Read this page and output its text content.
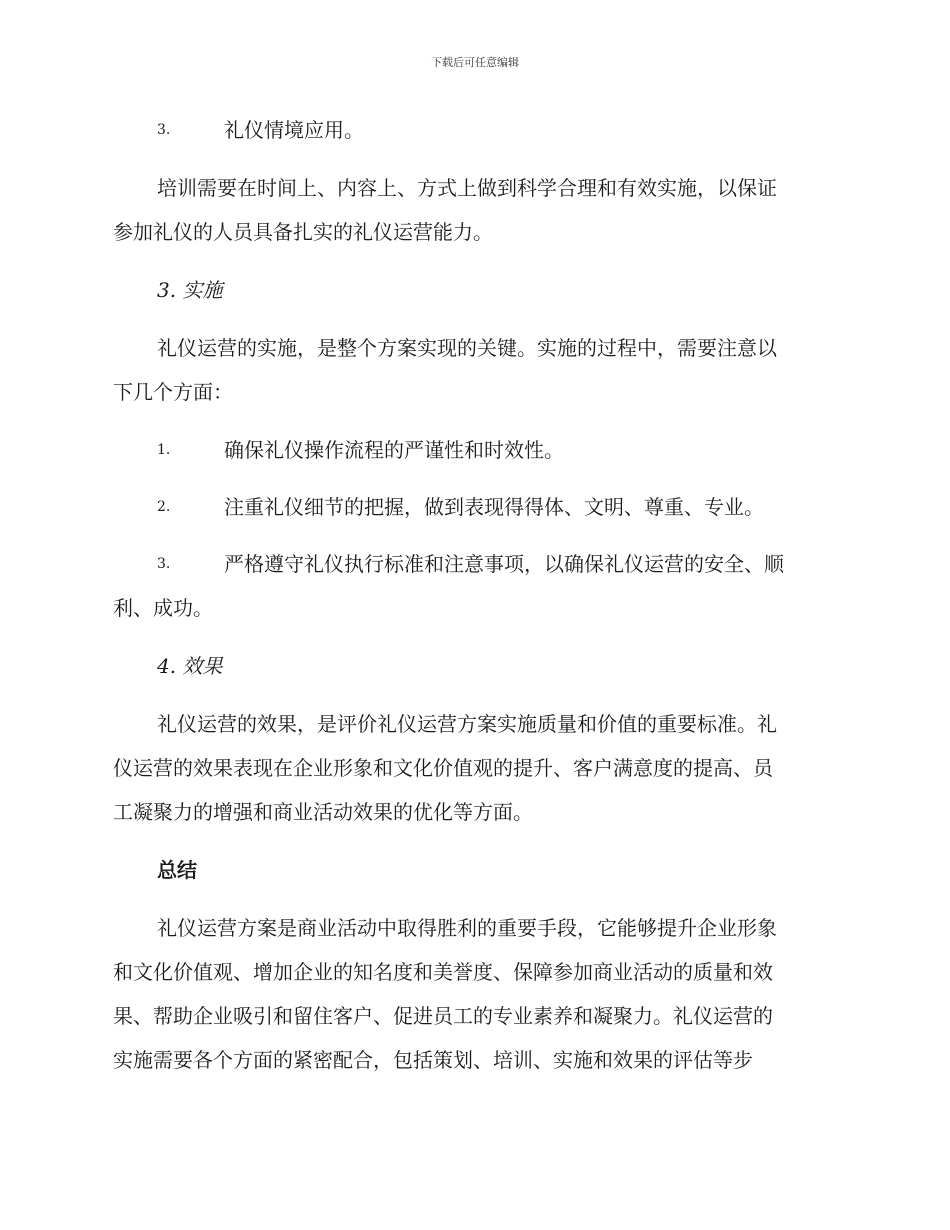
下载后可任意编辑
3.	礼仪情境应用。
培训需要在时间上、内容上、方式上做到科学合理和有效实施，以保证
参加礼仪的人员具备扎实的礼仪运营能力。
3. 实施
礼仪运营的实施，是整个方案实现的关键。实施的过程中，需要注意以
下几个方面：
1.	确保礼仪操作流程的严谨性和时效性。
2.	注重礼仪细节的把握，做到表现得得体、文明、尊重、专业。
3.	严格遵守礼仪执行标准和注意事项，以确保礼仪运营的安全、顺
利、成功。
4. 效果
礼仪运营的效果，是评价礼仪运营方案实施质量和价值的重要标准。礼
仪运营的效果表现在企业形象和文化价值观的提升、客户满意度的提高、员
工凝聚力的增强和商业活动效果的优化等方面。
总结
礼仪运营方案是商业活动中取得胜利的重要手段，它能够提升企业形象
和文化价值观、增加企业的知名度和美誉度、保障参加商业活动的质量和效
果、帮助企业吸引和留住客户、促进员工的专业素养和凝聚力。礼仪运营的
实施需要各个方面的紧密配合，包括策划、培训、实施和效果的评估等步
